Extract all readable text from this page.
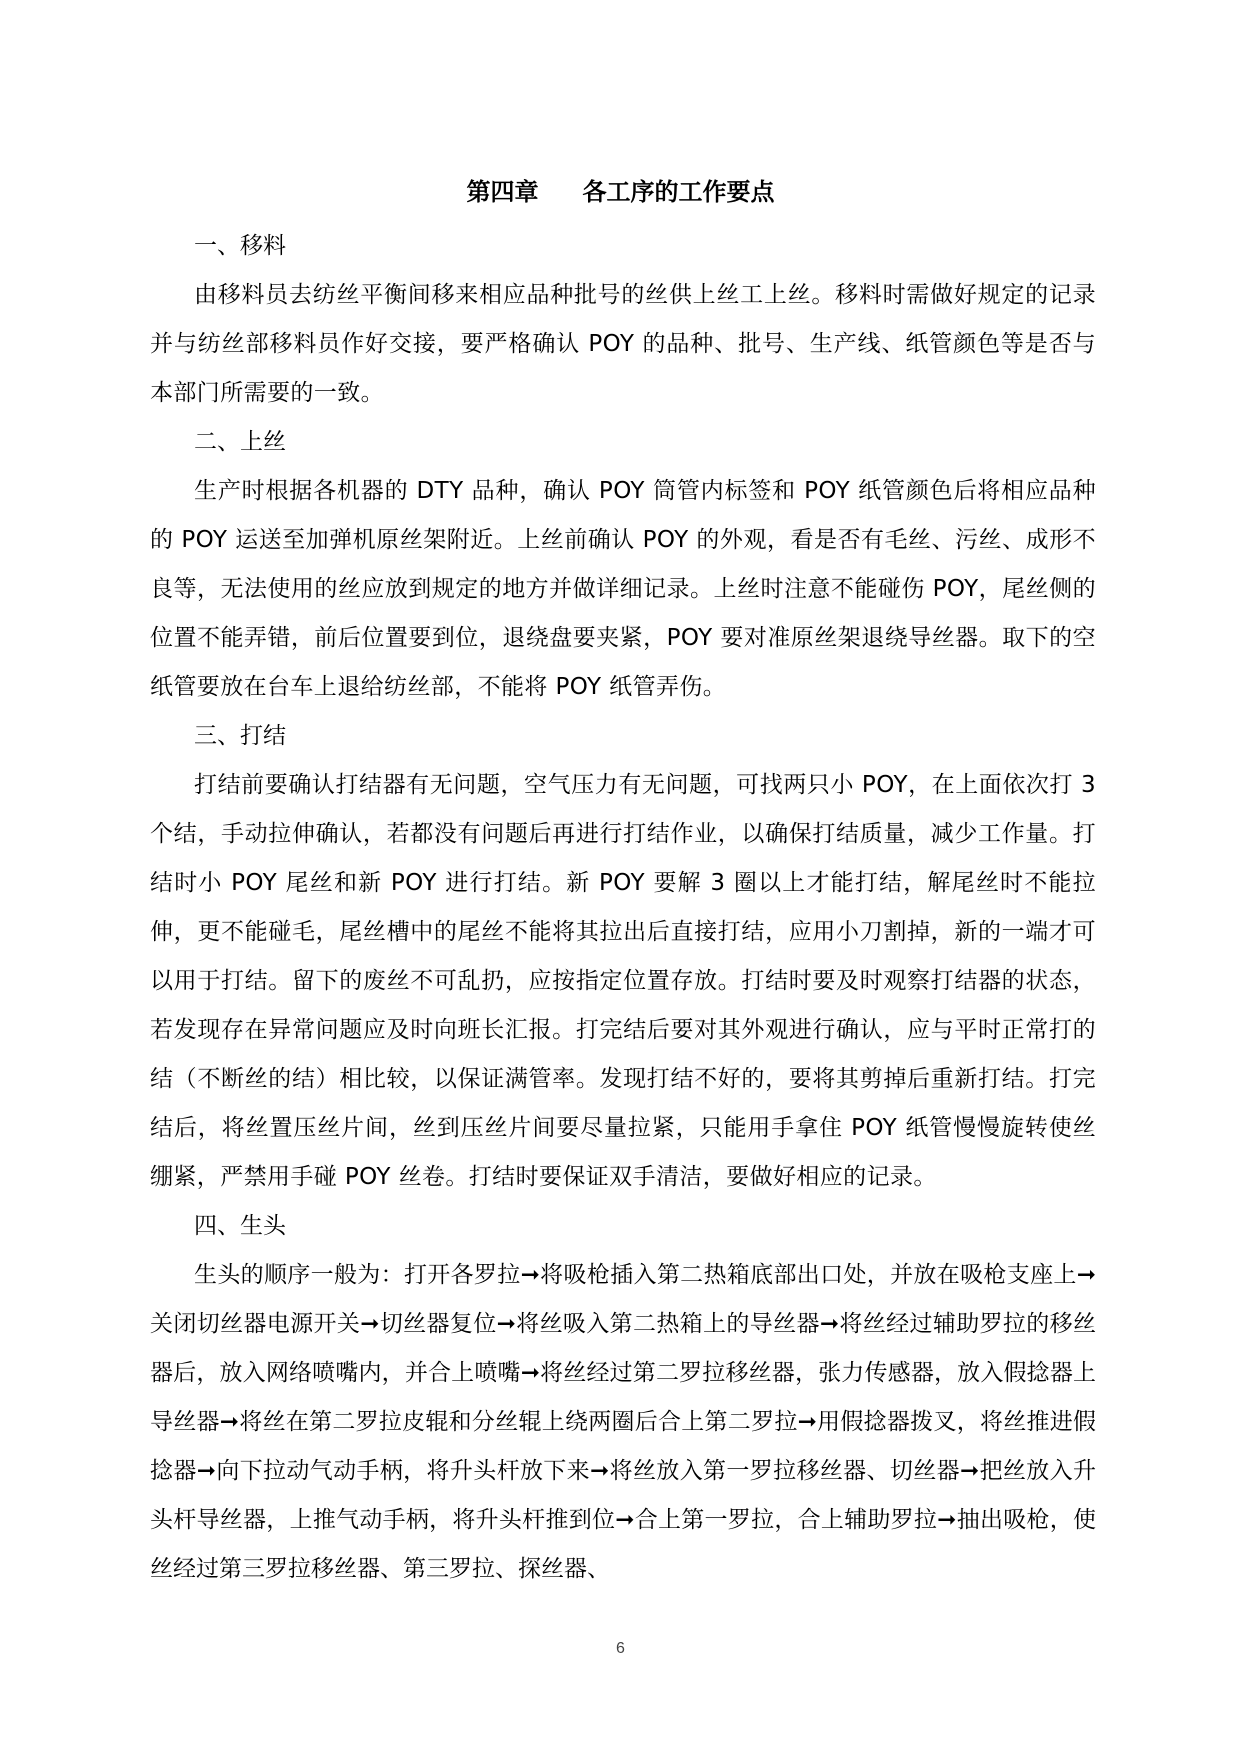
第四章 各工序的工作要点

一、移料

由移料员去纺丝平衡间移来相应品种批号的丝供上丝工上丝。移料时需做好规定的记录并与纺丝部移料员作好交接，要严格确认 POY 的品种、批号、生产线、纸管颜色等是否与本部门所需要的一致。

二、上丝

生产时根据各机器的 DTY 品种，确认 POY 筒管内标签和 POY 纸管颜色后将相应品种的 POY 运送至加弹机原丝架附近。上丝前确认 POY 的外观，看是否有毛丝、污丝、成形不良等，无法使用的丝应放到规定的地方并做详细记录。上丝时注意不能碰伤 POY，尾丝侧的位置不能弄错，前后位置要到位，退绕盘要夹紧，POY 要对准原丝架退绕导丝器。取下的空纸管要放在台车上退给纺丝部，不能将 POY 纸管弄伤。

三、打结

打结前要确认打结器有无问题，空气压力有无问题，可找两只小 POY，在上面依次打 3 个结，手动拉伸确认，若都没有问题后再进行打结作业，以确保打结质量，减少工作量。打结时小 POY 尾丝和新 POY 进行打结。新 POY 要解 3 圈以上才能打结，解尾丝时不能拉伸，更不能碰毛，尾丝槽中的尾丝不能将其拉出后直接打结，应用小刀割掉，新的一端才可以用于打结。留下的废丝不可乱扔，应按指定位置存放。打结时要及时观察打结器的状态，若发现存在异常问题应及时向班长汇报。打完结后要对其外观进行确认，应与平时正常打的结（不断丝的结）相比较，以保证满管率。发现打结不好的，要将其剪掉后重新打结。打完结后，将丝置压丝片间，丝到压丝片间要尽量拉紧，只能用手拿住 POY 纸管慢慢旋转使丝绷紧，严禁用手碰 POY 丝卷。打结时要保证双手清洁，要做好相应的记录。

四、生头

生头的顺序一般为：打开各罗拉➞将吸枪插入第二热箱底部出口处，并放在吸枪支座上➞关闭切丝器电源开关➞切丝器复位➞将丝吸入第二热箱上的导丝器➞将丝经过辅助罗拉的移丝器后，放入网络喷嘴内，并合上喷嘴➞将丝经过第二罗拉移丝器，张力传感器，放入假捻器上导丝器➞将丝在第二罗拉皮辊和分丝辊上绕两圈后合上第二罗拉➞用假捻器拨叉，将丝推进假捻器➞向下拉动气动手柄，将升头杆放下来➞将丝放入第一罗拉移丝器、切丝器➞把丝放入升头杆导丝器，上推气动手柄，将升头杆推到位➞合上第一罗拉，合上辅助罗拉➞抽出吸枪，使丝经过第三罗拉移丝器、第三罗拉、探丝器、

6
